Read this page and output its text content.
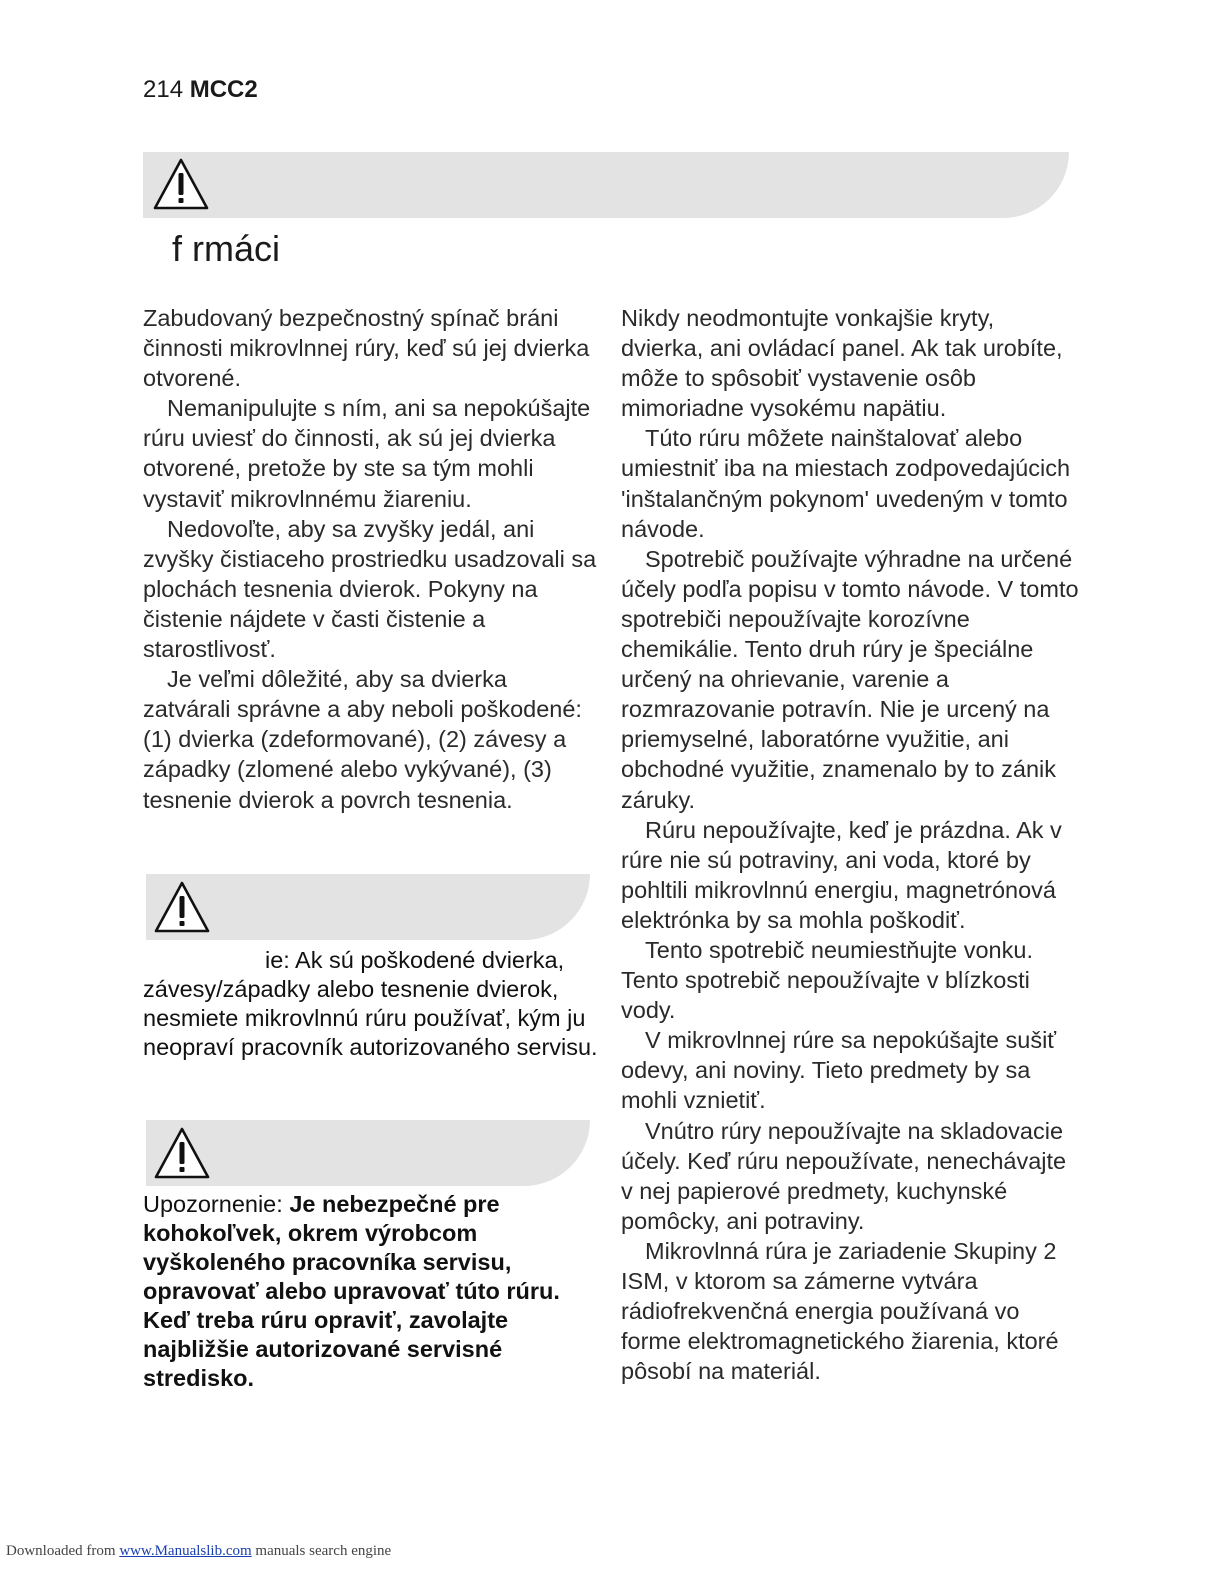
214 MCC2
f rmáci

Zabudovaný bezpečnostný spínač bráni činnosti mikrovlnnej rúry, keď sú jej dvierka otvorené.

Nemanipulujte s ním, ani sa nepokúšajte rúru uviesť do činnosti, ak sú jej dvierka otvorené, pretože by ste sa tým mohli vystaviť mikrovlnnému žiareniu.

Nedovoľte, aby sa zvyšky jedál, ani zvyšky čistiaceho prostriedku usadzovali sa plochách tesnenia dvierok. Pokyny na čistenie nájdete v časti čistenie a starostlivosť.

Je veľmi dôležité, aby sa dvierka zatvárali správne a aby neboli poškodené: (1) dvierka (zdeformované), (2) závesy a západky (zlomené alebo vykývané), (3) tesnenie dvierok a povrch tesnenia.

ie: Ak sú poškodené dvierka,
závesy/západky alebo tesnenie dvierok, nesmiete mikrovlnnú rúru používať, kým ju neopraví pracovník autorizovaného servisu.
Upozornenie: Je nebezpečné pre kohokoľvek, okrem výrobcom vyškoleného pracovníka servisu, opravovať alebo upravovať túto rúru. Keď treba rúru opraviť, zavolajte najbližšie autorizované servisné stredisko.

Nikdy neodmontujte vonkajšie kryty, dvierka, ani ovládací panel. Ak tak urobíte, môže to spôsobiť vystavenie osôb mimoriadne vysokému napätiu.

Túto rúru môžete nainštalovať alebo umiestniť iba na miestach zodpovedajúcich 'inštalančným pokynom' uvedeným v tomto návode.

Spotrebič používajte výhradne na určené účely podľa popisu v tomto návode. V tomto spotrebiči nepoužívajte korozívne chemikálie. Tento druh rúry je špeciálne určený na ohrievanie, varenie a rozmrazovanie potravín. Nie je urcený na priemyselné, laboratórne využitie, ani obchodné využitie, znamenalo by to zánik záruky.

Rúru nepoužívajte, keď je prázdna. Ak v rúre nie sú potraviny, ani voda, ktoré by pohltili mikrovlnnú energiu, magnetrónová elektrónka by sa mohla poškodiť.

Tento spotrebič neumiestňujte vonku. Tento spotrebič nepoužívajte v blízkosti vody.

V mikrovlnnej rúre sa nepokúšajte sušiť odevy, ani noviny. Tieto predmety by sa mohli vznietiť.

Vnútro rúry nepoužívajte na skladovacie účely. Keď rúru nepoužívate, nenechávajte v nej papierové predmety, kuchynské pomôcky, ani potraviny.

Mikrovlnná rúra je zariadenie Skupiny 2 ISM, v ktorom sa zámerne vytvára rádiofrekvenčná energia používaná vo forme elektromagnetického žiarenia, ktoré pôsobí na materiál.

Downloaded from www.Manualslib.com manuals search engine
